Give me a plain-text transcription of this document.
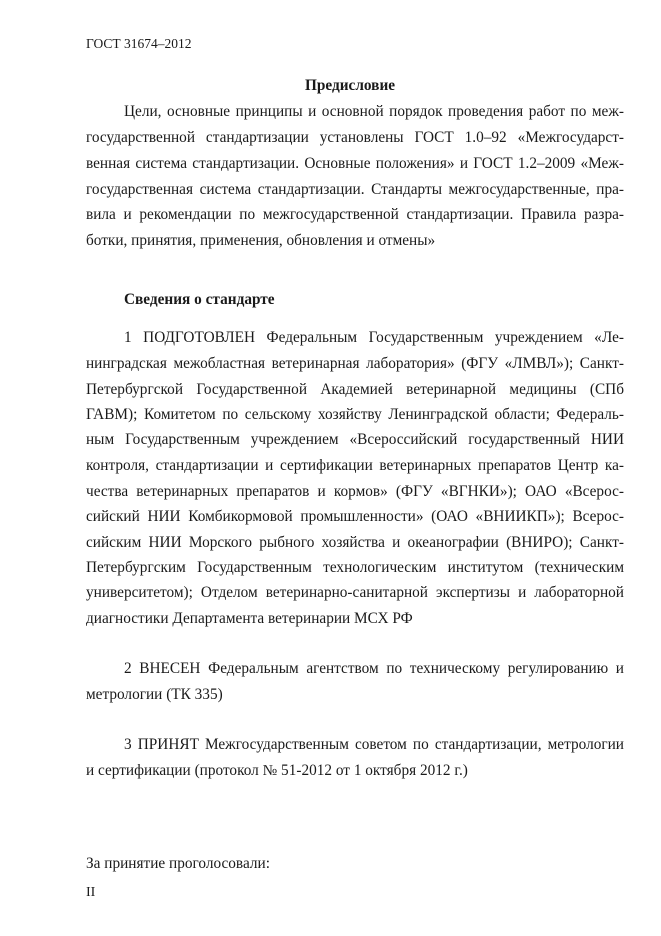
ГОСТ 31674–2012
Предисловие
Цели, основные принципы и основной порядок проведения работ по меж-
государственной стандартизации установлены ГОСТ 1.0–92 «Межгосударст-
венная система стандартизации. Основные положения» и ГОСТ 1.2–2009 «Меж-
государственная система стандартизации. Стандарты межгосударственные, пра-
вила и рекомендации по межгосударственной стандартизации. Правила разра-
ботки, принятия, применения, обновления и отмены»
Сведения о стандарте
1 ПОДГОТОВЛЕН Федеральным Государственным учреждением «Ле-
нинградская межобластная ветеринарная лаборатория» (ФГУ «ЛМВЛ»); Санкт-
Петербургской Государственной Академией ветеринарной медицины (СПб
ГАВМ); Комитетом по сельскому хозяйству Ленинградской области; Федераль-
ным Государственным учреждением «Всероссийский государственный НИИ
контроля, стандартизации и сертификации ветеринарных препаратов Центр ка-
чества ветеринарных препаратов и кормов» (ФГУ «ВГНКИ»); ОАО «Всерос-
сийский НИИ Комбикормовой промышленности» (ОАО «ВНИИКП»); Всерос-
сийским НИИ Морского рыбного хозяйства и океанографии (ВНИРО); Санкт-
Петербургским Государственным технологическим институтом (техническим
университетом); Отделом ветеринарно-санитарной экспертизы и лабораторной
диагностики Департамента ветеринарии МСХ РФ
2 ВНЕСЕН Федеральным агентством по техническому регулированию и
метрологии (ТК 335)
3 ПРИНЯТ Межгосударственным советом по стандартизации, метрологии
и сертификации (протокол № 51-2012 от 1 октября 2012 г.)
За принятие проголосовали:
II
